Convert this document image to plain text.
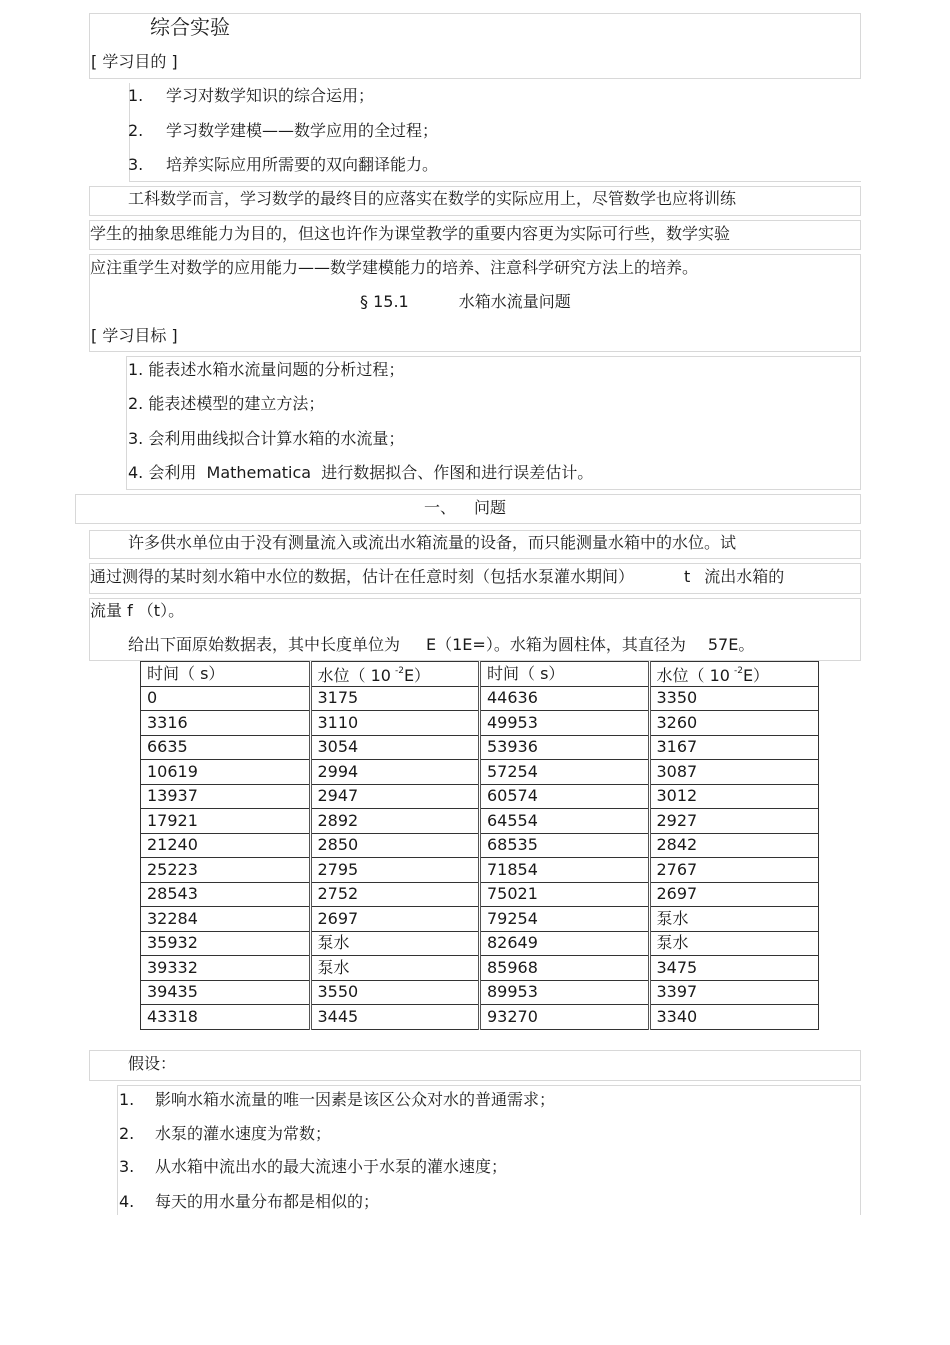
综合实验
[ 学习目的 ]
1. 学习对数学知识的综合运用；
2. 学习数学建模——数学应用的全过程；
3. 培养实际应用所需要的双向翻译能力。
工科数学而言，学习数学的最终目的应落实在数学的实际应用上，尽管数学也应将训练
学生的抽象思维能力为目的，但这也许作为课堂教学的重要内容更为实际可行些，数学实验
应注重学生对数学的应用能力——数学建模能力的培养、注意科学研究方法上的培养。
§ 15.1	水箱水流量问题
[ 学习目标 ]
1. 能表述水箱水流量问题的分析过程；
2. 能表述模型的建立方法；
3. 会利用曲线拟合计算水箱的水流量；
4. 会利用  Mathematica  进行数据拟合、作图和进行误差估计。
一、 问题
许多供水单位由于没有测量流入或流出水箱流量的设备，而只能测量水箱中的水位。试
通过测得的某时刻水箱中水位的数据，估计在任意时刻（包括水泵灌水期间）	t 流出水箱的
流量 f （t）。
给出下面原始数据表，其中长度单位为 E（1E=）。水箱为圆柱体，其直径为 57E。
时间（ s）	水位（ 10 $^{-2}$E）	时间（ s）	水位（ 10 $^{-2}$E）
0	3175	44636	3350
3316	3110	49953	3260
6635	3054	53936	3167
10619	2994	57254	3087
13937	2947	60574	3012
17921	2892	64554	2927
21240	2850	68535	2842
25223	2795	71854	2767
28543	2752	75021	2697
32284	2697	79254	泵水
35932	泵水	82649	泵水
39332	泵水	85968	3475
39435	3550	89953	3397
43318	3445	93270	3340
假设：
1. 影响水箱水流量的唯一因素是该区公众对水的普通需求；
2. 水泵的灌水速度为常数；
3. 从水箱中流出水的最大流速小于水泵的灌水速度；
4. 每天的用水量分布都是相似的；
